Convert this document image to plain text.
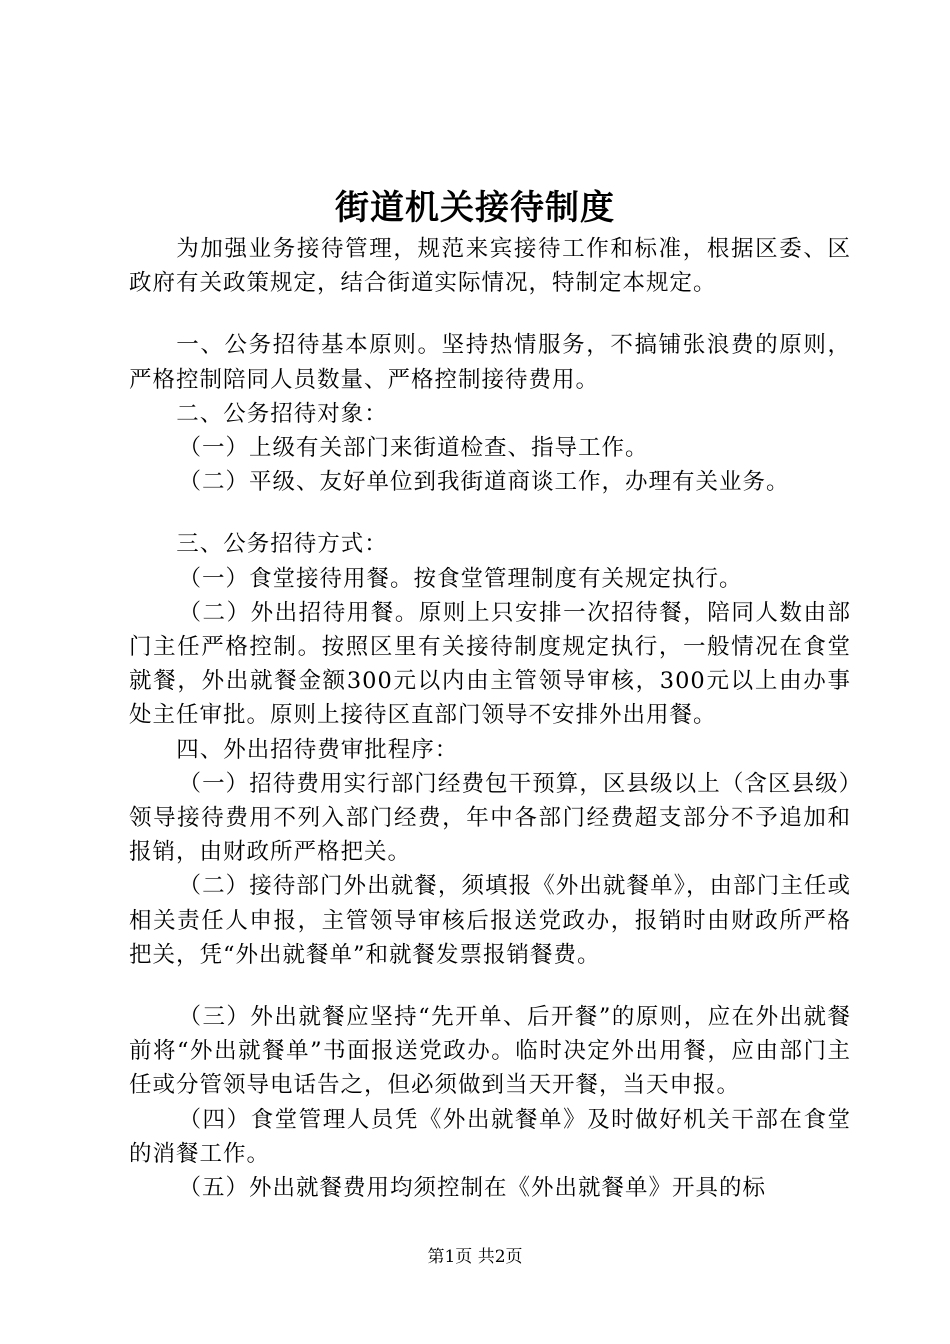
街道机关接待制度

为加强业务接待管理，规范来宾接待工作和标准，根据区委、区政府有关政策规定，结合街道实际情况，特制定本规定。

一、公务招待基本原则。坚持热情服务，不搞铺张浪费的原则，严格控制陪同人员数量、严格控制接待费用。

二、公务招待对象：

（一）上级有关部门来街道检查、指导工作。

（二）平级、友好单位到我街道商谈工作，办理有关业务。

三、公务招待方式：

（一）食堂接待用餐。按食堂管理制度有关规定执行。

（二）外出招待用餐。原则上只安排一次招待餐，陪同人数由部门主任严格控制。按照区里有关接待制度规定执行，一般情况在食堂就餐，外出就餐金额300元以内由主管领导审核，300元以上由办事处主任审批。原则上接待区直部门领导不安排外出用餐。

四、外出招待费审批程序：

（一）招待费用实行部门经费包干预算，区县级以上（含区县级）领导接待费用不列入部门经费，年中各部门经费超支部分不予追加和报销，由财政所严格把关。

（二）接待部门外出就餐，须填报《外出就餐单》，由部门主任或相关责任人申报，主管领导审核后报送党政办，报销时由财政所严格把关，凭“外出就餐单”和就餐发票报销餐费。

（三）外出就餐应坚持“先开单、后开餐”的原则，应在外出就餐前将“外出就餐单”书面报送党政办。临时决定外出用餐，应由部门主任或分管领导电话告之，但必须做到当天开餐，当天申报。

（四）食堂管理人员凭《外出就餐单》及时做好机关干部在食堂的消餐工作。

（五）外出就餐费用均须控制在《外出就餐单》开具的标

第1页 共2页
